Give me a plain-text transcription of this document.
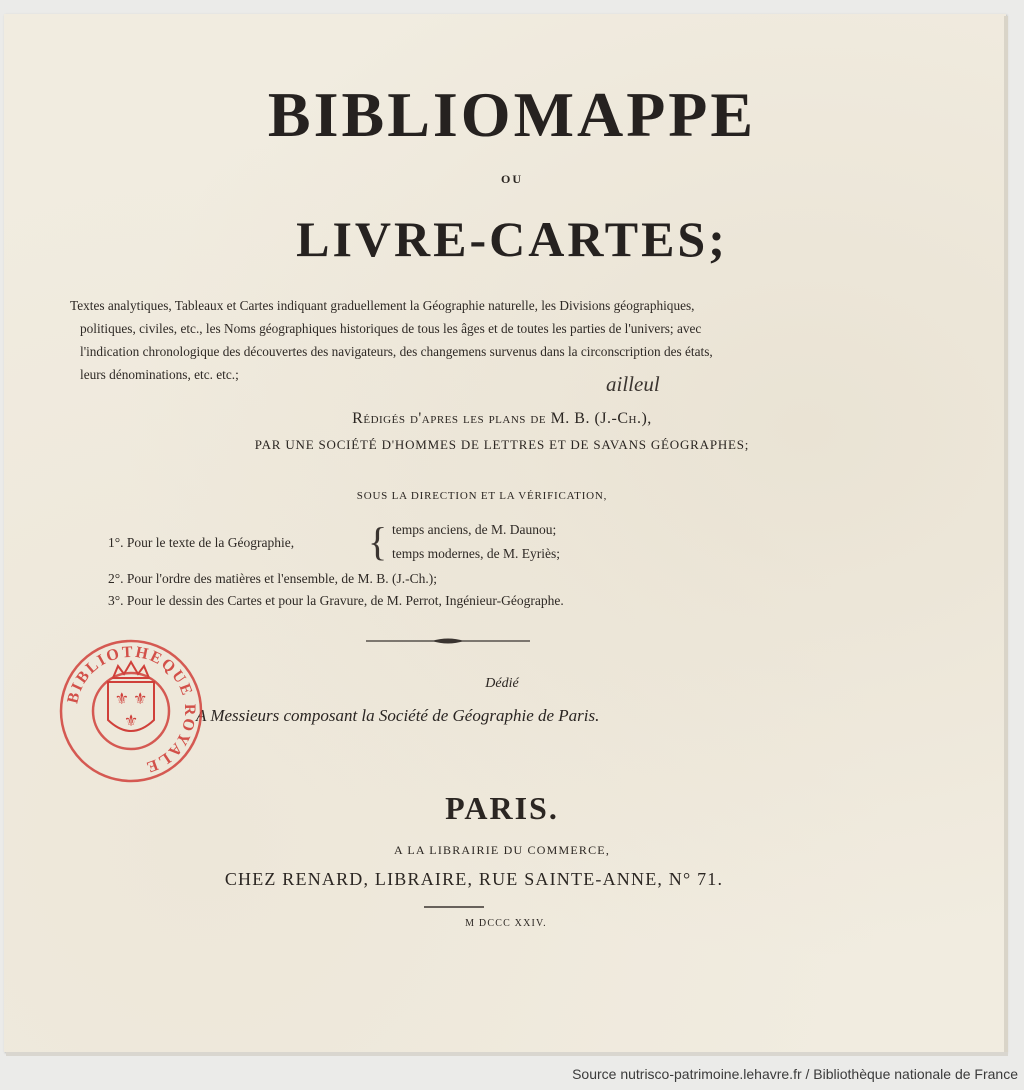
BIBLIOMAPPE
ou
LIVRE-CARTES;
Textes analytiques, Tableaux et Cartes indiquant graduellement la Géographie naturelle, les Divisions géographiques,
politiques, civiles, etc., les Noms géographiques historiques de tous les âges et de toutes les parties de l'univers; avec
l'indication chronologique des découvertes des navigateurs, des changemens survenus dans la circonscription des états,
leurs dénominations, etc. etc.;	ailleul
Rédigés d'apres les plans de M. B. (J.-Ch.),
PAR UNE SOCIÉTÉ D'HOMMES DE LETTRES ET DE SAVANS GÉOGRAPHES;
SOUS LA DIRECTION ET LA VÉRIFICATION,
1°. Pour le texte de la Géographie, { temps anciens, de M. Daunou;
temps modernes, de M. Eyriès;
2°. Pour l'ordre des matières et l'ensemble, de M. B. (J.-Ch.);
3°. Pour le dessin des Cartes et pour la Gravure, de M. Perrot, Ingénieur-Géographe.
Dédié
A Messieurs composant la Société de Géographie de Paris.
PARIS.
A LA LIBRAIRIE DU COMMERCE,
CHEZ RENARD, LIBRAIRE, RUE SAINTE-ANNE, N° 71.
M DCCC XXIV.
BIBLIOTHEQUE ROYALE
⚜ ⚜
⚜
Source nutrisco-patrimoine.lehavre.fr / Bibliothèque nationale de France
